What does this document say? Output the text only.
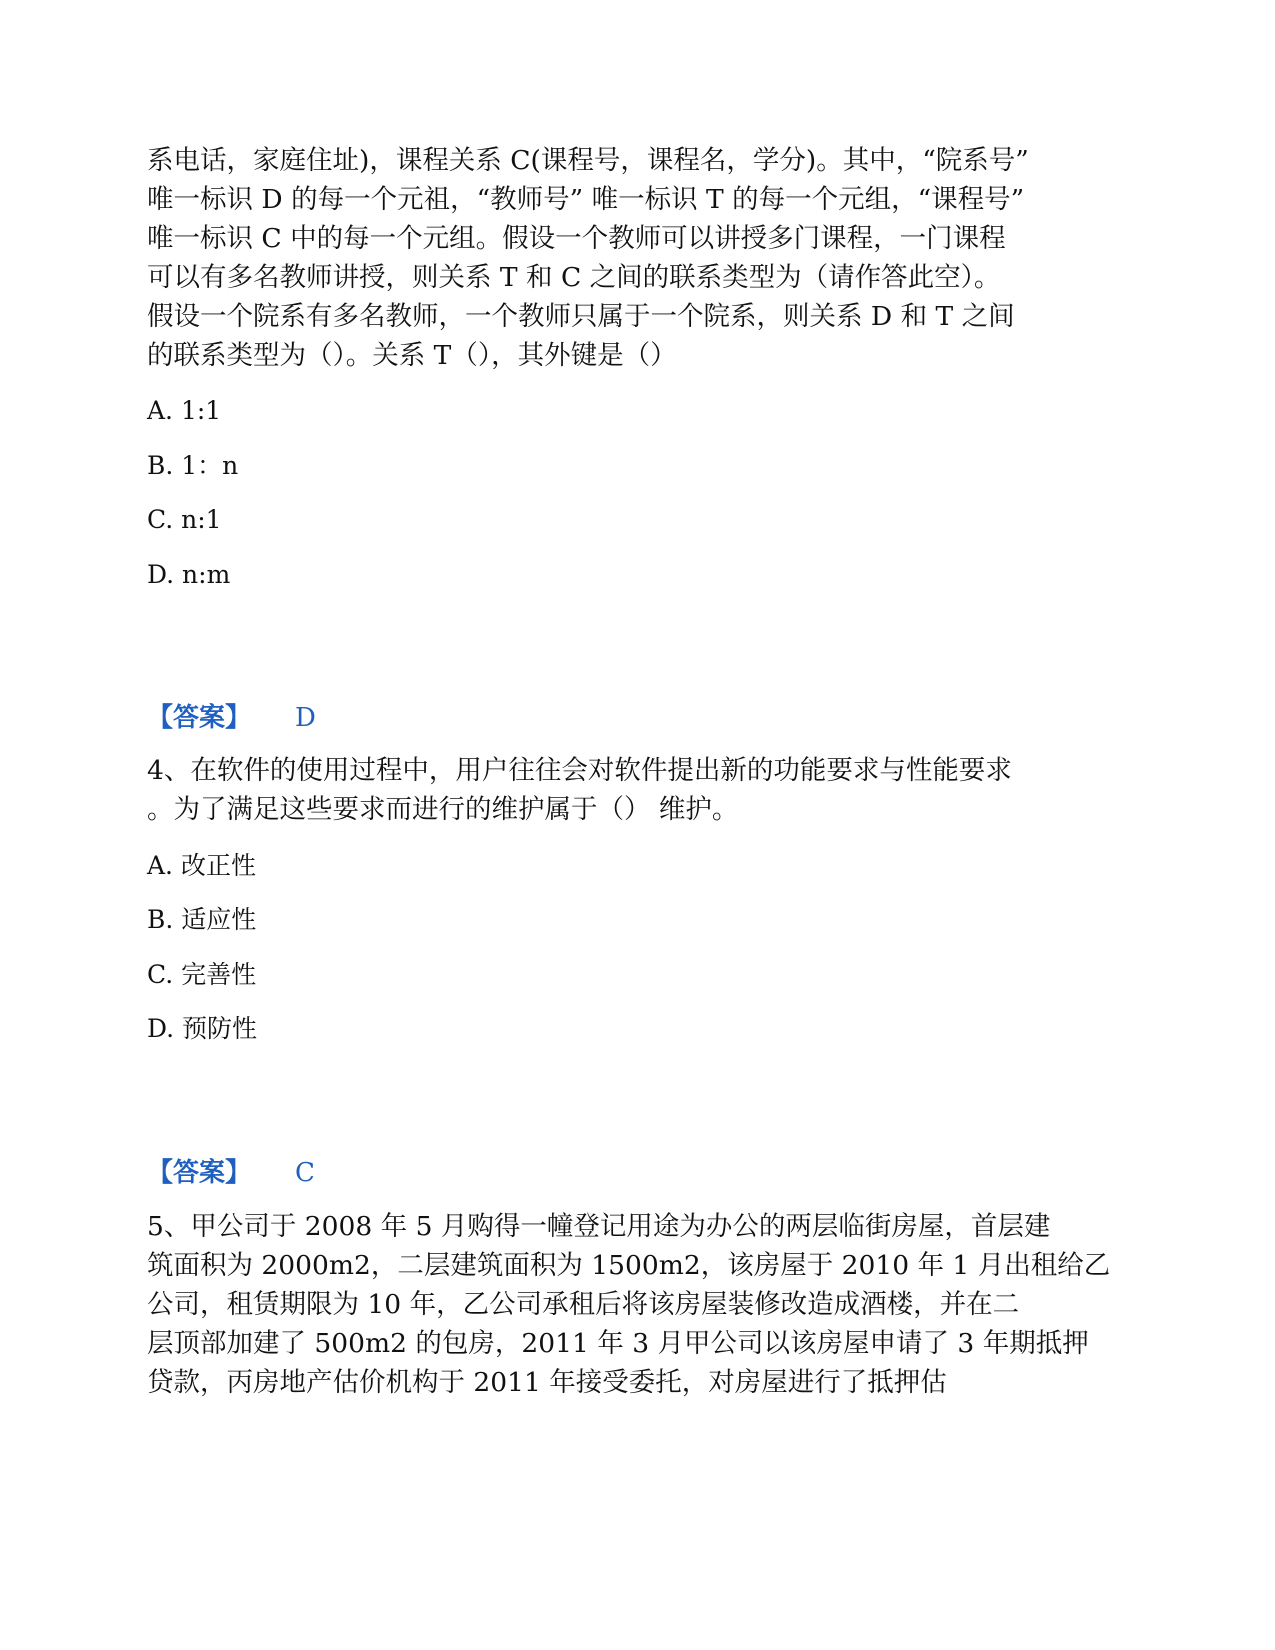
系电话，家庭住址)，课程关系 C(课程号，课程名，学分)。其中，“院系号”
唯一标识 D 的每一个元祖，“教师号” 唯一标识 T 的每一个元组，“课程号”
唯一标识 C 中的每一个元组。假设一个教师可以讲授多门课程，一门课程
可以有多名教师讲授，则关系 T 和 C 之间的联系类型为（请作答此空）。
假设一个院系有多名教师，一个教师只属于一个院系，则关系 D 和 T 之间
的联系类型为（）。关系 T（），其外键是（）
A. 1:1
B. 1：n
C. n:1
D. n:m
【答案】 D
4、在软件的使用过程中，用户往往会对软件提出新的功能要求与性能要求
。为了满足这些要求而进行的维护属于（） 维护。
A. 改正性
B. 适应性
C. 完善性
D. 预防性
【答案】 C
5、甲公司于 2008 年 5 月购得一幢登记用途为办公的两层临街房屋，首层建
筑面积为 2000m2，二层建筑面积为 1500m2，该房屋于 2010 年 1 月出租给乙
公司，租赁期限为 10 年，乙公司承租后将该房屋装修改造成酒楼，并在二
层顶部加建了 500m2 的包房，2011 年 3 月甲公司以该房屋申请了 3 年期抵押
贷款，丙房地产估价机构于 2011 年接受委托，对房屋进行了抵押估
